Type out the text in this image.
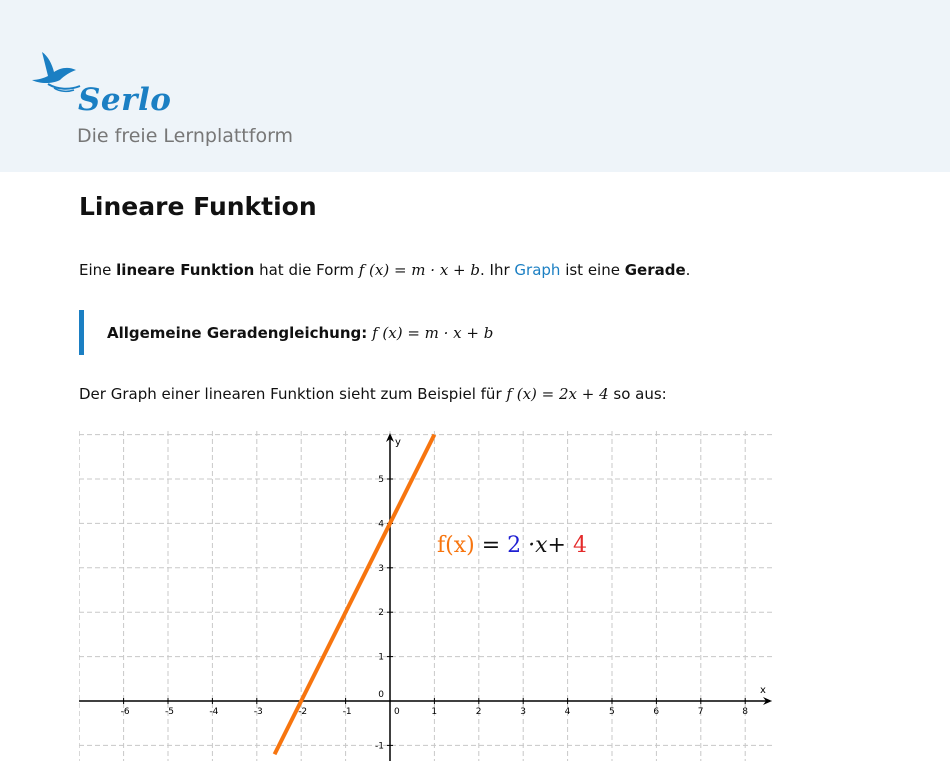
Serlo
Die freie Lernplattform
Lineare Funktion

Eine lineare Funktion hat die Form f (x) = m · x + b. Ihr Graph ist eine Gerade.

Allgemeine Geradengleichung:
f (x) = m · x + b

Der Graph einer linearen Funktion sieht zum Beispiel für f (x) = 2x + 4 so aus:

x
y
-6	-5	-4	-3	-2	-1	0	1	2	3	4	5	6	7	8
-1
0
1
2
3
4
5
f(x) = 2 ·x+ 4
